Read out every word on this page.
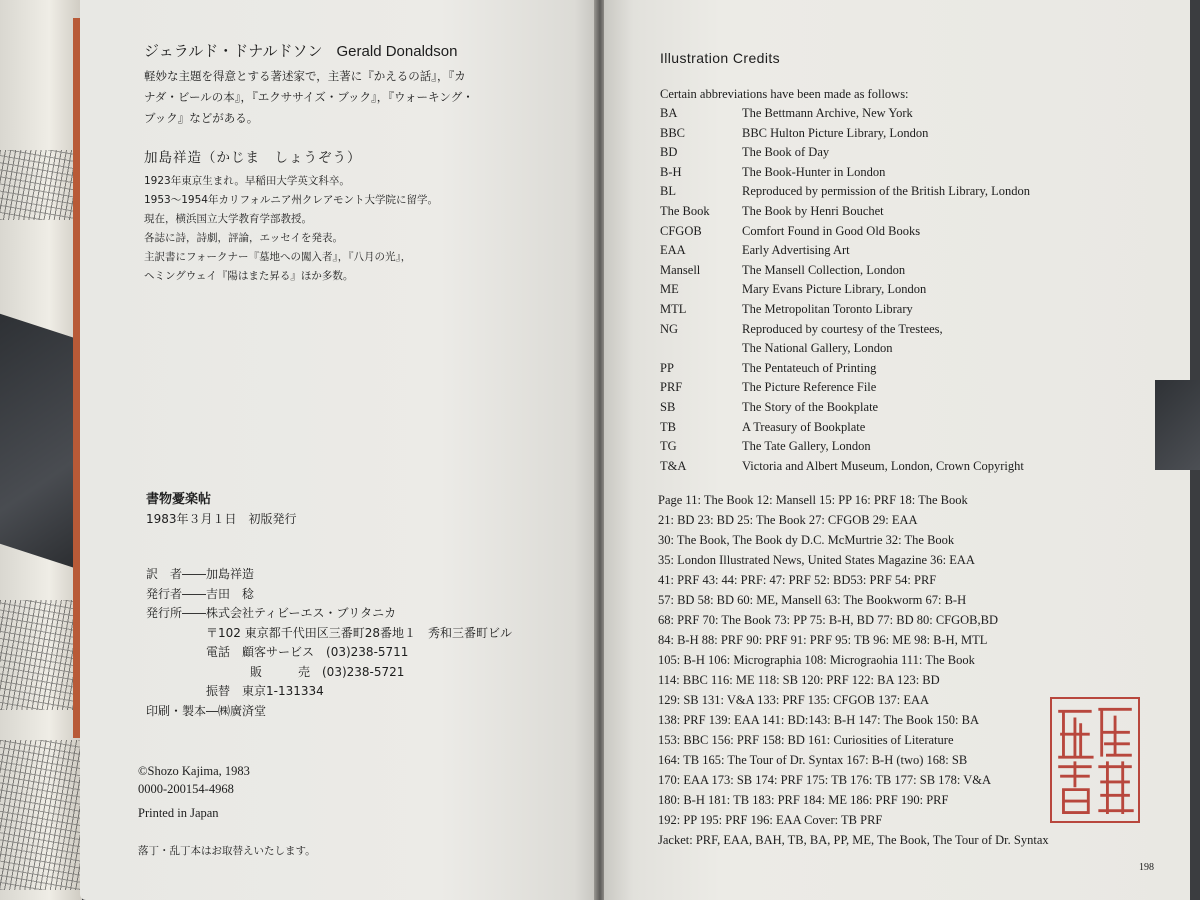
ジェラルド・ドナルドソン Gerald Donaldson
軽妙な主題を得意とする著述家で，主著に『かえるの話』，『カ
ナダ・ビールの本』，『エクササイズ・ブック』，『ウォーキング・
ブック』などがある。
加島祥造（かじま　しょうぞう）
1923年東京生まれ。早稲田大学英文科卒。
1953〜1954年カリフォルニア州クレアモント大学院に留学。
現在，横浜国立大学教育学部教授。
各誌に詩，詩劇，評論，エッセイを発表。
主訳書にフォークナー『墓地への闖入者』，『八月の光』，
ヘミングウェイ『陽はまた昇る』ほか多数。
書物憂楽帖
1983年３月１日　初版発行
訳　者――加島祥造
発行者――吉田　稔
発行所――株式会社ティビーエス・ブリタニカ
〒102 東京都千代田区三番町28番地１　秀和三番町ビル
電話　 顧客サービス　(03)238-5711
販　　　売　(03)238-5721
振替　 東京1-131334
印刷・製本―㈱廣済堂
©Shozo Kajima, 1983
0000-200154-4968
Printed in Japan
落丁・乱丁本はお取替えいたします。
Illustration Credits
Certain abbreviations have been made as follows:
BA	The Bettmann Archive, New York
BBC	BBC Hulton Picture Library, London
BD	The Book of Day
B-H	The Book-Hunter in London
BL	Reproduced by permission of the British Library, London
The Book	The Book by Henri Bouchet
CFGOB	Comfort Found in Good Old Books
EAA	Early Advertising Art
Mansell	The Mansell Collection, London
ME	Mary Evans Picture Library, London
MTL	The Metropolitan Toronto Library
NG	Reproduced by courtesy of the Trestees,
The National Gallery, London
PP	The Pentateuch of Printing
PRF	The Picture Reference File
SB	The Story of the Bookplate
TB	A Treasury of Bookplate
TG	The Tate Gallery, London
T&A	Victoria and Albert Museum, London, Crown Copyright
Page 11: The Book 12: Mansell 15: PP 16: PRF 18: The Book
21: BD 23: BD 25: The Book 27: CFGOB 29: EAA
30: The Book, The Book dy D.C. McMurtrie 32: The Book
35: London Illustrated News, United States Magazine 36: EAA
41: PRF 43: 44: PRF: 47: PRF 52: BD53: PRF 54: PRF
57: BD 58: BD 60: ME, Mansell 63: The Bookworm 67: B-H
68: PRF 70: The Book 73: PP 75: B-H, BD 77: BD 80: CFGOB,BD
84: B-H 88: PRF 90: PRF 91: PRF 95: TB 96: ME 98: B-H, MTL
105: B-H 106: Micrographia 108: Micrograohia 111: The Book
114: BBC 116: ME 118: SB 120: PRF 122: BA 123: BD
129: SB 131: V&A 133: PRF 135: CFGOB 137: EAA
138: PRF 139: EAA 141: BD:143: B-H 147: The Book 150: BA
153: BBC 156: PRF 158: BD 161: Curiosities of Literature
164: TB 165: The Tour of Dr. Syntax 167: B-H (two) 168: SB
170: EAA 173: SB 174: PRF 175: TB 176: TB 177: SB 178: V&A
180: B-H 181: TB 183: PRF 184: ME 186: PRF 190: PRF
192: PP 195: PRF 196: EAA Cover: TB PRF
Jacket: PRF, EAA, BAH, TB, BA, PP, ME, The Book, The Tour of Dr. Syntax
198
